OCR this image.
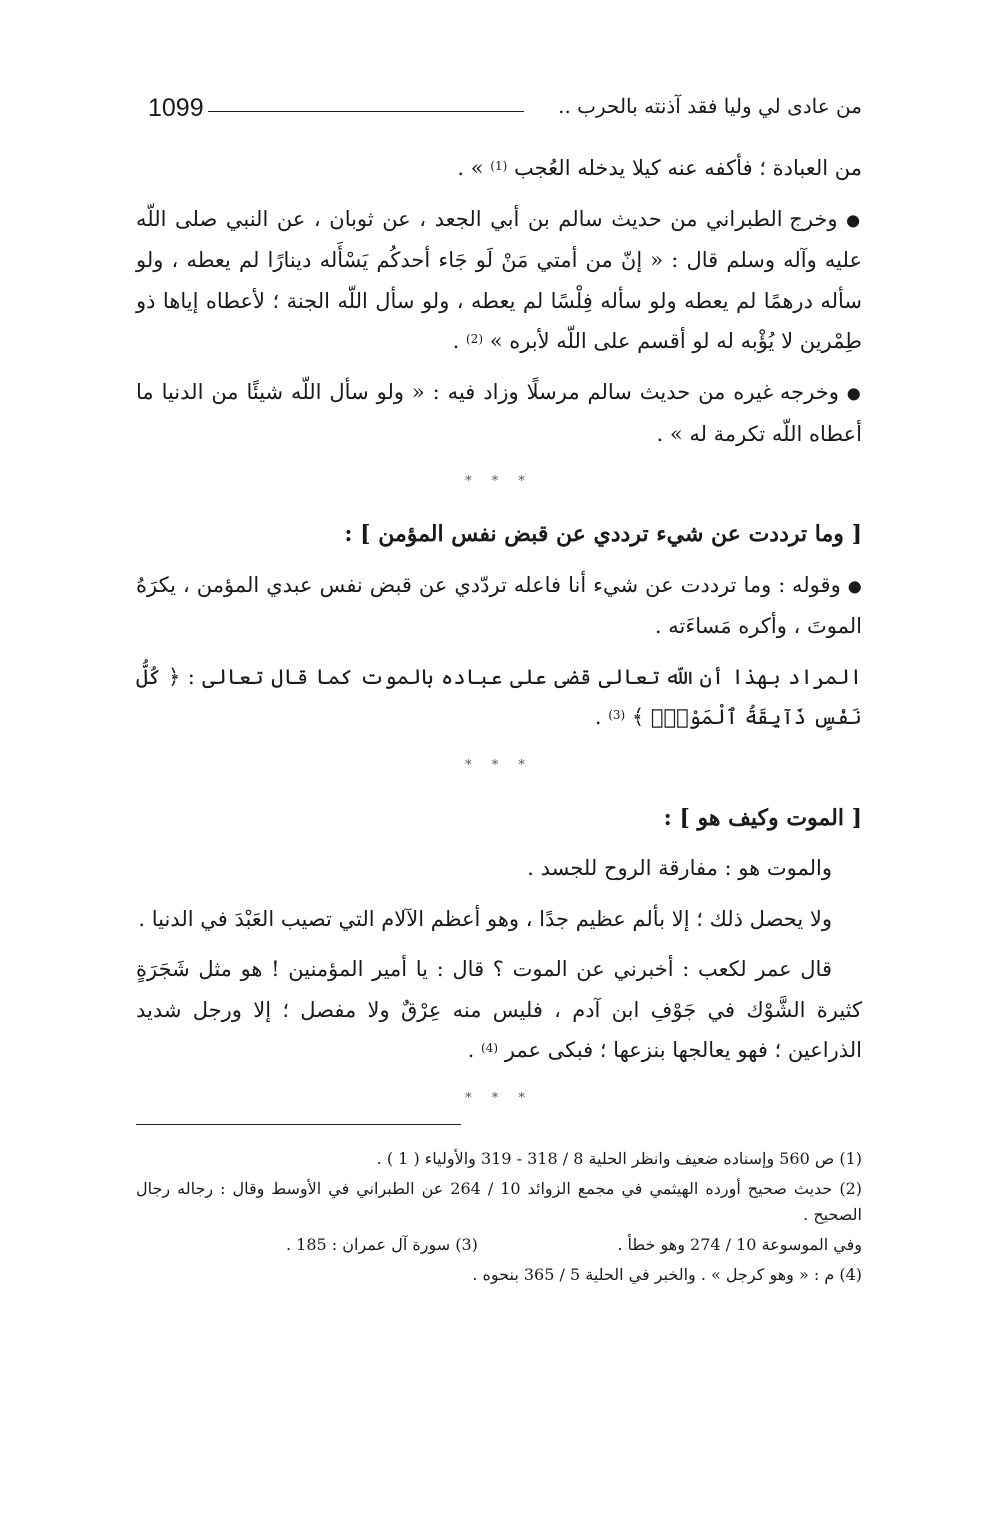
1099	من عادى لي وليا فقد آذنته بالحرب ..

من العبادة ؛ فأكفه عنه كيلا يدخله العُجب $^{(1)}$ » .

● وخرج الطبراني من حديث سالم بن أبي الجعد ، عن ثوبان ، عن النبي صلى اللّه عليه وآله وسلم قال : « إنّ من أمتي مَنْ لَو جَاء أحدكُم يَسْأَله دينارًا لم يعطه ، ولو سأله درهمًا لم يعطه ولو سأله فِلْسًا لم يعطه ، ولو سأل اللّه الجنة ؛ لأعطاه إياها ذو طِمْرين لا يُؤْبه له لو أقسم على اللّه لأبره » $^{(2)}$ .

● وخرجه غيره من حديث سالم مرسلًا وزاد فيه : « ولو سأل اللّه شيئًا من الدنيا ما أعطاه اللّه تكرمة له » .

* * *

[ وما ترددت عن شيء ترددي عن قبض نفس المؤمن ] :

● وقوله : وما ترددت عن شيء أنا فاعله تردّدي عن قبض نفس عبدي المؤمن ، يكرَهُ الموتَ ، وأكره مَساءَته .

المراد بهذا أن اللّه تعالى قضى على عباده بالموت كما قال تعالى : ﴿ كُلُّ نَفْسٍ ذَآيِقَةُ ٱلْمَوْتِۗ ﴾ $^{(3)}$ .

* * *

[ الموت وكيف هو ] :

والموت هو : مفارقة الروح للجسد .

ولا يحصل ذلك ؛ إلا بألم عظيم جدًا ، وهو أعظم الآلام التي تصيب العَبْدَ في الدنيا .

قال عمر لكعب : أخبرني عن الموت ؟ قال : يا أمير المؤمنين ! هو مثل شَجَرَةٍ كثيرة الشَّوْك في جَوْفِ ابن آدم ، فليس منه عِرْقٌ ولا مفصل ؛ إلا ورجل شديد الذراعين ؛ فهو يعالجها بنزعها ؛ فبكى عمر $^{(4)}$ .

* * *

(1) ص 560 وإسناده ضعيف وانظر الحلية 8 / 318 - 319 والأولياء ( 1 ) .

(2) حديث صحيح أورده الهيثمي في مجمع الزوائد 10 / 264 عن الطبراني في الأوسط وقال : رجاله رجال الصحيح .

وفي الموسوعة 10 / 274 وهو خطأ .
(3) سورة آل عمران : 185 .

(4) م : « وهو كرجل » . والخبر في الحلية 5 / 365 بنحوه .
